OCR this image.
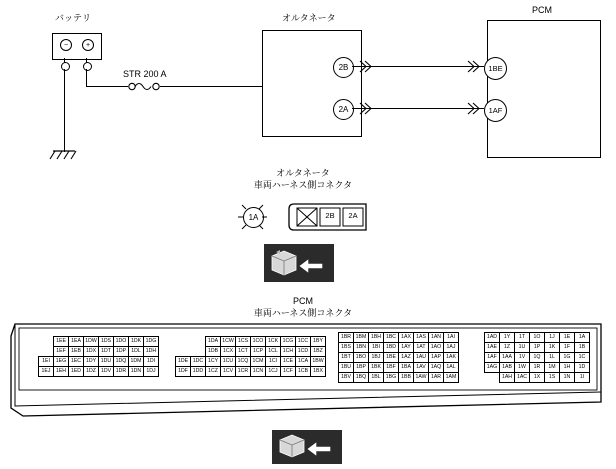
バッテリ
−	+
STR 200 A
オルタネータ
2B
2A
PCM
1BE
1AF
オルタネータ
車両ハーネス側コネクタ
1A	2B	2A
PCM
車両ハーネス側コネクタ
	1EE	1EA	1DW	1DS	1DO	1DK	1DG
	1EF	1EB	1DX	1DT	1DP	1DL	1DH
1EI	1EG	1EC	1DY	1DU	1DQ	1DM	1DI
1EJ	1EH	1ED	1DZ	1DV	1DR	1DN	1DJ
		1DA	1CW	1CS	1CO	1CK	1CG	1CC	1BY
		1DB	1CX	1CT	1CP	1CL	1CH	1CD	1BZ
1DE	1DC	1CY	1CU	1CQ	1CM	1CI	1CE	1CA	1BW
1DF	1DD	1CZ	1CV	1CR	1CN	1CJ	1CF	1CB	1BX
1BR	1BM	1BH	1BC	1AX	1AS	1AN	1AI
1BS	1BN	1BI	1BD	1AY	1AT	1AO	1AJ
1BT	1BO	1BJ	1BE	1AZ	1AU	1AP	1AK
1BU	1BP	1BK	1BF	1BA	1AV	1AQ	1AL
1BV	1BQ	1BL	1BG	1BB	1AW	1AR	1AM
1AD	1Y	1T	1O	1J	1E	1A
1AE	1Z	1U	1P	1K	1F	1B
1AF	1AA	1V	1Q	1L	1G	1C
1AG	1AB	1W	1R	1M	1H	1D
	1AH	1AC	1X	1S	1N	1I
